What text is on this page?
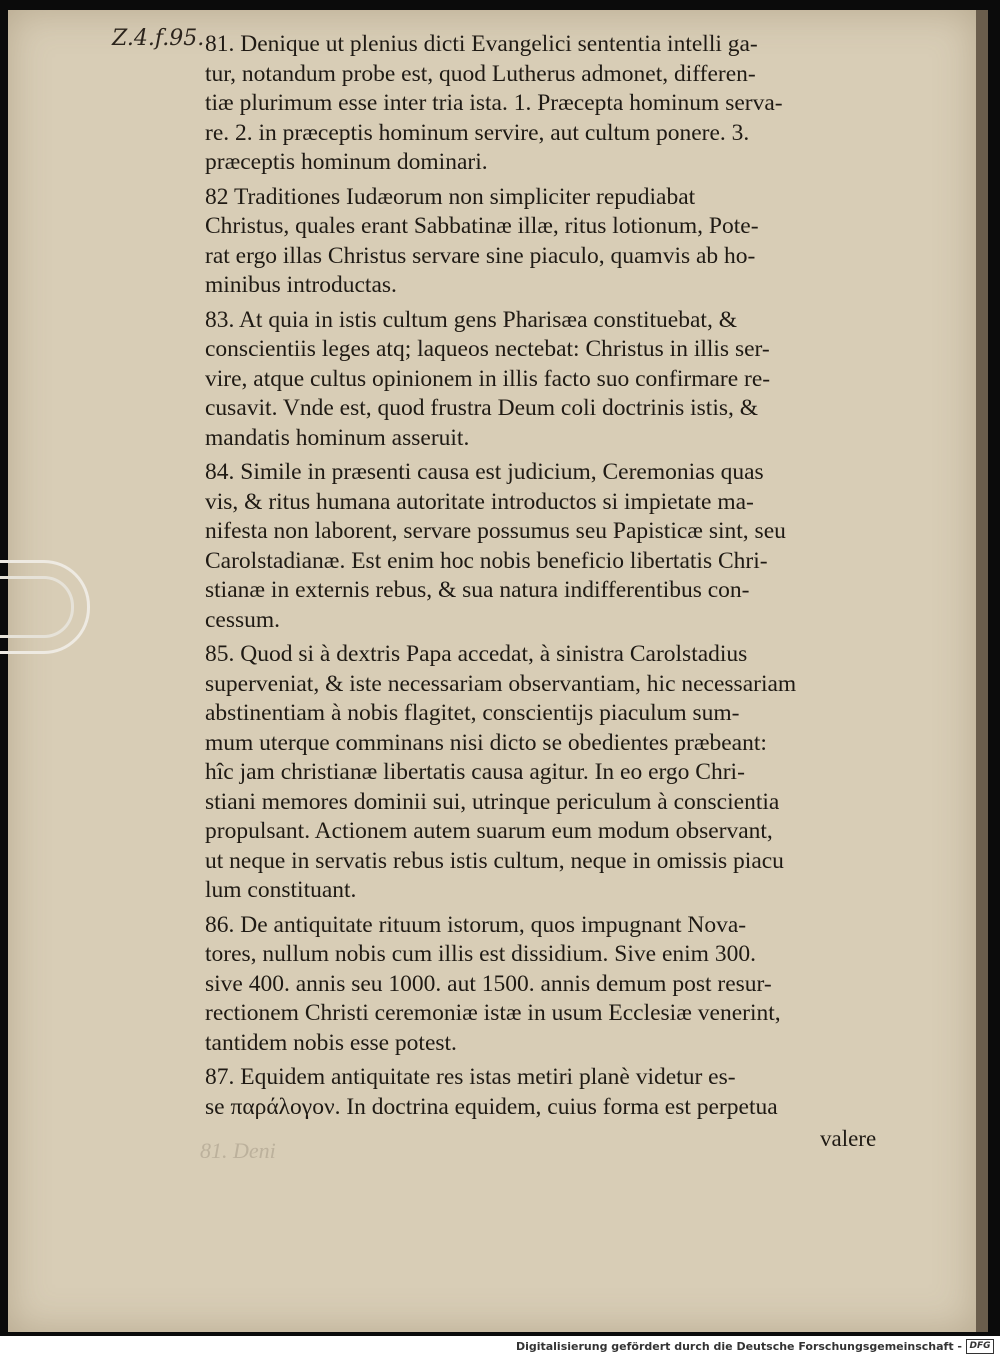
Z.4.f.95. 81. Denique ut plenius dicti Evangelici sententia intelli ga-
tur, notandum probe est, quod Lutherus admonet, differen-
tiæ plurimum esse inter tria ista. 1. Præcepta hominum serva-
re. 2. in præceptis hominum servire, aut cultum ponere. 3.
præceptis hominum dominari.
82 Traditiones Iudæorum non simpliciter repudiabat
Christus, quales erant Sabbatinæ illæ, ritus lotionum, Pote-
rat ergo illas Christus servare sine piaculo, quamvis ab ho-
minibus introductas.
83. At quia in istis cultum gens Pharisæa constituebat, &
conscientiis leges atq; laqueos nectebat: Christus in illis ser-
vire, atque cultus opinionem in illis facto suo confirmare re-
cusavit. Vnde est, quod frustra Deum coli doctrinis istis, &
mandatis hominum asseruit.
84. Simile in præsenti causa est judicium, Ceremonias quas
vis, & ritus humana autoritate introductos si impietate ma-
nifesta non laborent, servare possumus seu Papisticæ sint, seu
Carolstadianæ. Est enim hoc nobis beneficio libertatis Chri-
stianæ in externis rebus, & sua natura indifferentibus con-
cessum.
85. Quod si à dextris Papa accedat, à sinistra Carolstadius
superveniat, & iste necessariam observantiam, hic necessariam
abstinentiam à nobis flagitet, conscientijs piaculum sum-
mum uterque comminans nisi dicto se obedientes præbeant:
hîc jam christianæ libertatis causa agitur. In eo ergo Chri-
stiani memores dominii sui, utrinque periculum à conscientia
propulsant. Actionem autem suarum eum modum observant,
ut neque in servatis rebus istis cultum, neque in omissis piacu
lum constituant.
86. De antiquitate rituum istorum, quos impugnant Nova-
tores, nullum nobis cum illis est dissidium. Sive enim 300.
sive 400. annis seu 1000. aut 1500. annis demum post resur-
rectionem Christi ceremoniæ istæ in usum Ecclesiæ venerint,
tantidem nobis esse potest.
87. Equidem antiquitate res istas metiri planè videtur es-
se παράλογον. In doctrina equidem, cuius forma est perpetua
81. Deni	valere
Digitalisierung gefördert durch die Deutsche Forschungsgemeinschaft - DFG
